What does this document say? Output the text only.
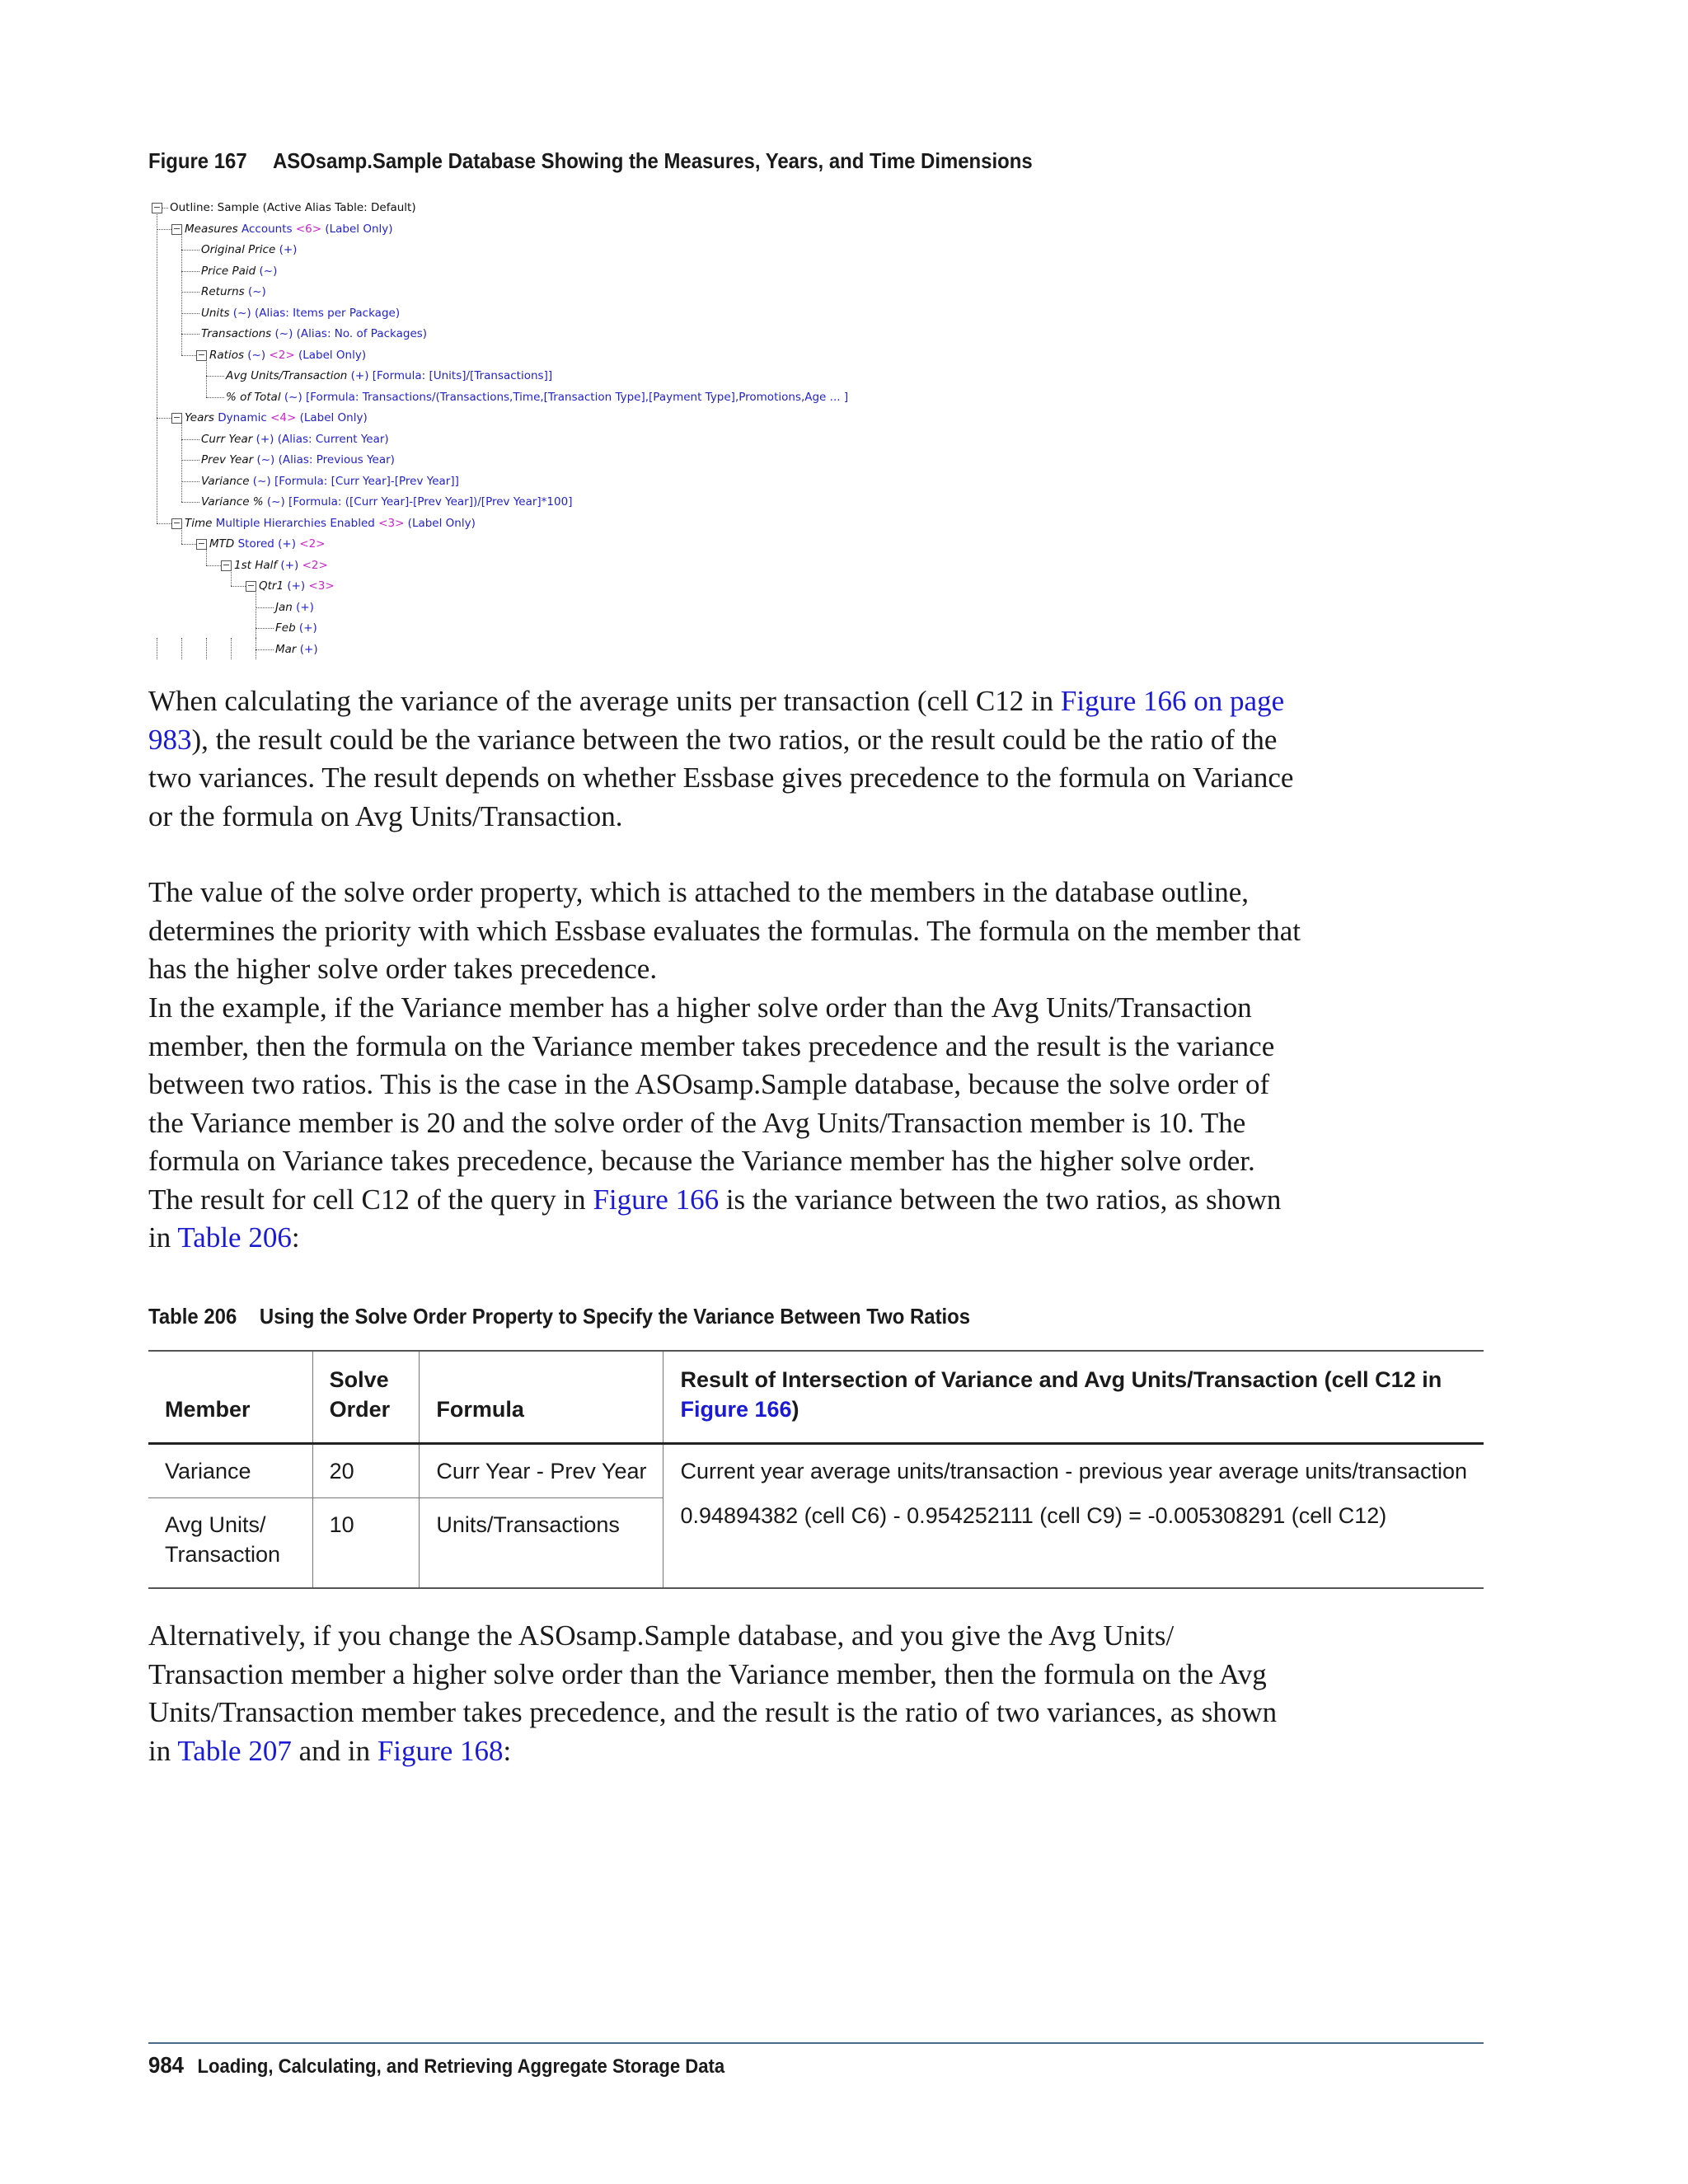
Figure 167 ASOsamp.Sample Database Showing the Measures, Years, and Time Dimensions
− Outline: Sample (Active Alias Table: Default)
− Measures Accounts <6> (Label Only)
Original Price (+)
Price Paid (~)
Returns (~)
Units (~) (Alias: Items per Package)
Transactions (~) (Alias: No. of Packages)
− Ratios (~) <2> (Label Only)
Avg Units/Transaction (+) [Formula: [Units]/[Transactions]]
% of Total (~) [Formula: Transactions/(Transactions,Time,[Transaction Type],[Payment Type],Promotions,Age ... ]
− Years Dynamic <4> (Label Only)
Curr Year (+) (Alias: Current Year)
Prev Year (~) (Alias: Previous Year)
Variance (~) [Formula: [Curr Year]-[Prev Year]]
Variance % (~) [Formula: ([Curr Year]-[Prev Year])/[Prev Year]*100]
− Time Multiple Hierarchies Enabled <3> (Label Only)
− MTD Stored (+) <2>
− 1st Half (+) <2>
− Qtr1 (+) <3>
Jan (+)
Feb (+)
Mar (+)

When calculating the variance of the average units per transaction (cell C12 in Figure 166 on page 983), the result could be the variance between the two ratios, or the result could be the ratio of the two variances. The result depends on whether Essbase gives precedence to the formula on Variance or the formula on Avg Units/Transaction.

The value of the solve order property, which is attached to the members in the database outline, determines the priority with which Essbase evaluates the formulas. The formula on the member that has the higher solve order takes precedence.

In the example, if the Variance member has a higher solve order than the Avg Units/Transaction member, then the formula on the Variance member takes precedence and the result is the variance between two ratios. This is the case in the ASOsamp.Sample database, because the solve order of the Variance member is 20 and the solve order of the Avg Units/Transaction member is 10. The formula on Variance takes precedence, because the Variance member has the higher solve order. The result for cell C12 of the query in Figure 166 is the variance between the two ratios, as shown in Table 206:

Table 206 Using the Solve Order Property to Specify the Variance Between Two Ratios
Member	Solve Order	Formula	Result of Intersection of Variance and Avg Units/Transaction (cell C12 in Figure 166)
Variance	20	Curr Year - Prev Year	Current year average units/transaction - previous year average units/transaction
0.94894382 (cell C6) - 0.954252111 (cell C9) = -0.005308291 (cell C12)

Avg Units/ Transaction	10	Units/Transactions	

Alternatively, if you change the ASOsamp.Sample database, and you give the Avg Units/ Transaction member a higher solve order than the Variance member, then the formula on the Avg Units/Transaction member takes precedence, and the result is the ratio of two variances, as shown in Table 207 and in Figure 168:

984 Loading, Calculating, and Retrieving Aggregate Storage Data
